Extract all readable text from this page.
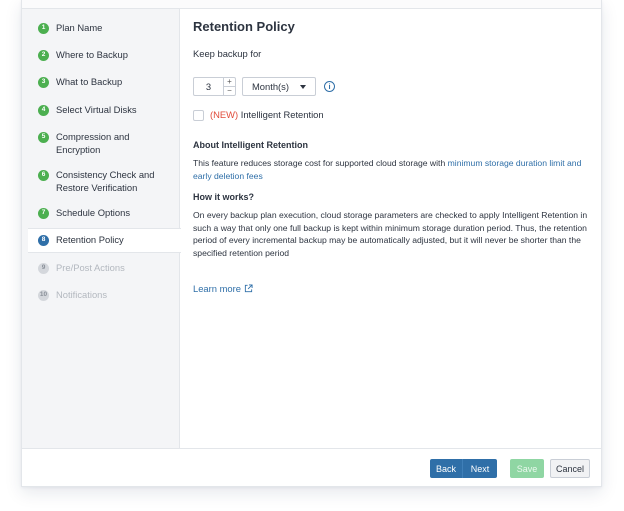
1	Plan Name
2	Where to Backup
3	What to Backup
4	Select Virtual Disks
5	Compression and Encryption
6	Consistency Check and Restore Verification
7	Schedule Options
8	Retention Policy
9	Pre/Post Actions
10 Notifications
Retention Policy
Keep backup for
3	+
−	Month(s)	i
(NEW) Intelligent Retention
About Intelligent Retention
This feature reduces storage cost for supported cloud storage with minimum storage duration limit and early deletion fees
How it works?
On every backup plan execution, cloud storage parameters are checked to apply Intelligent Retention in such a way that only one full backup is kept within minimum storage duration period. Thus, the retention period of every incremental backup may be automatically adjusted, but it will never be shorter than the specified retention period
Learn more
Back	Next	Save	Cancel
